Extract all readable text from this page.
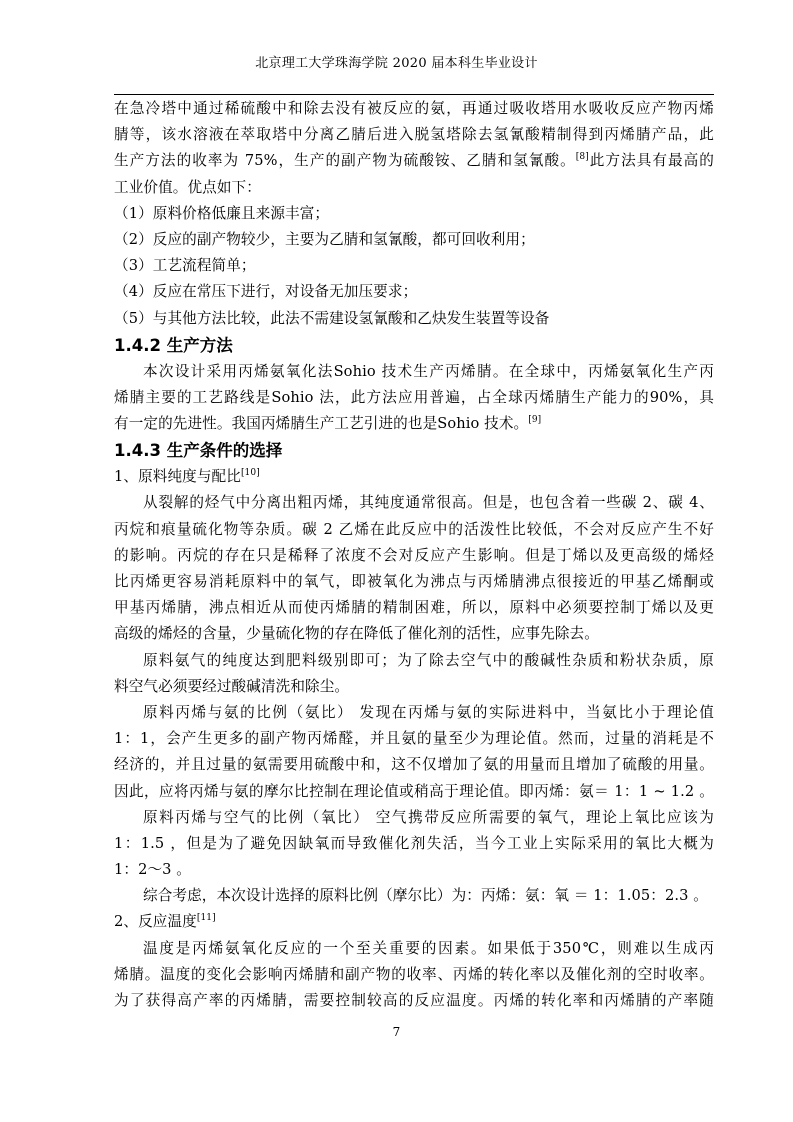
北京理工大学珠海学院 2020 届本科生毕业设计
在急冷塔中通过稀硫酸中和除去没有被反应的氨，再通过吸收塔用水吸收反应产物丙烯
腈等，该水溶液在萃取塔中分离乙腈后进入脱氢塔除去氢氰酸精制得到丙烯腈产品，此
生产方法的收率为 75%，生产的副产物为硫酸铵、乙腈和氢氰酸。[8]此方法具有最高的
工业价值。优点如下：
（1）原料价格低廉且来源丰富；
（2）反应的副产物较少，主要为乙腈和氢氰酸，都可回收利用；
（3）工艺流程简单；
（4）反应在常压下进行，对设备无加压要求；
（5）与其他方法比较，此法不需建设氢氰酸和乙炔发生装置等设备
1.4.2 生产方法
本次设计采用丙烯氨氧化法Sohio 技术生产丙烯腈。在全球中，丙烯氨氧化生产丙
烯腈主要的工艺路线是Sohio 法，此方法应用普遍，占全球丙烯腈生产能力的90%，具
有一定的先进性。我国丙烯腈生产工艺引进的也是Sohio 技术。[9]
1.4.3 生产条件的选择
1、原料纯度与配比[10]
从裂解的烃气中分离出粗丙烯，其纯度通常很高。但是，也包含着一些碳 2、碳 4、
丙烷和痕量硫化物等杂质。碳 2 乙烯在此反应中的活泼性比较低，不会对反应产生不好
的影响。丙烷的存在只是稀释了浓度不会对反应产生影响。但是丁烯以及更高级的烯烃
比丙烯更容易消耗原料中的氧气，即被氧化为沸点与丙烯腈沸点很接近的甲基乙烯酮或
甲基丙烯腈，沸点相近从而使丙烯腈的精制困难，所以，原料中必须要控制丁烯以及更
高级的烯烃的含量，少量硫化物的存在降低了催化剂的活性，应事先除去。
原料氨气的纯度达到肥料级别即可；为了除去空气中的酸碱性杂质和粉状杂质，原
料空气必须要经过酸碱清洗和除尘。
原料丙烯与氨的比例（氨比） 发现在丙烯与氨的实际进料中，当氨比小于理论值
1：1，会产生更多的副产物丙烯醛，并且氨的量至少为理论值。然而，过量的消耗是不
经济的，并且过量的氨需要用硫酸中和，这不仅增加了氨的用量而且增加了硫酸的用量。
因此，应将丙烯与氨的摩尔比控制在理论值或稍高于理论值。即丙烯：氨＝ 1：1 ~ 1.2 。
原料丙烯与空气的比例（氧比） 空气携带反应所需要的氧气，理论上氧比应该为
1：1.5 ，但是为了避免因缺氧而导致催化剂失活，当今工业上实际采用的氧比大概为
1：2～3 。
综合考虑，本次设计选择的原料比例（摩尔比）为：丙烯：氨：氧 ＝ 1：1.05：2.3 。
2、反应温度[11]
温度是丙烯氨氧化反应的一个至关重要的因素。如果低于350℃，则难以生成丙
烯腈。温度的变化会影响丙烯腈和副产物的收率、丙烯的转化率以及催化剂的空时收率。
为了获得高产率的丙烯腈，需要控制较高的反应温度。丙烯的转化率和丙烯腈的产率随
7
